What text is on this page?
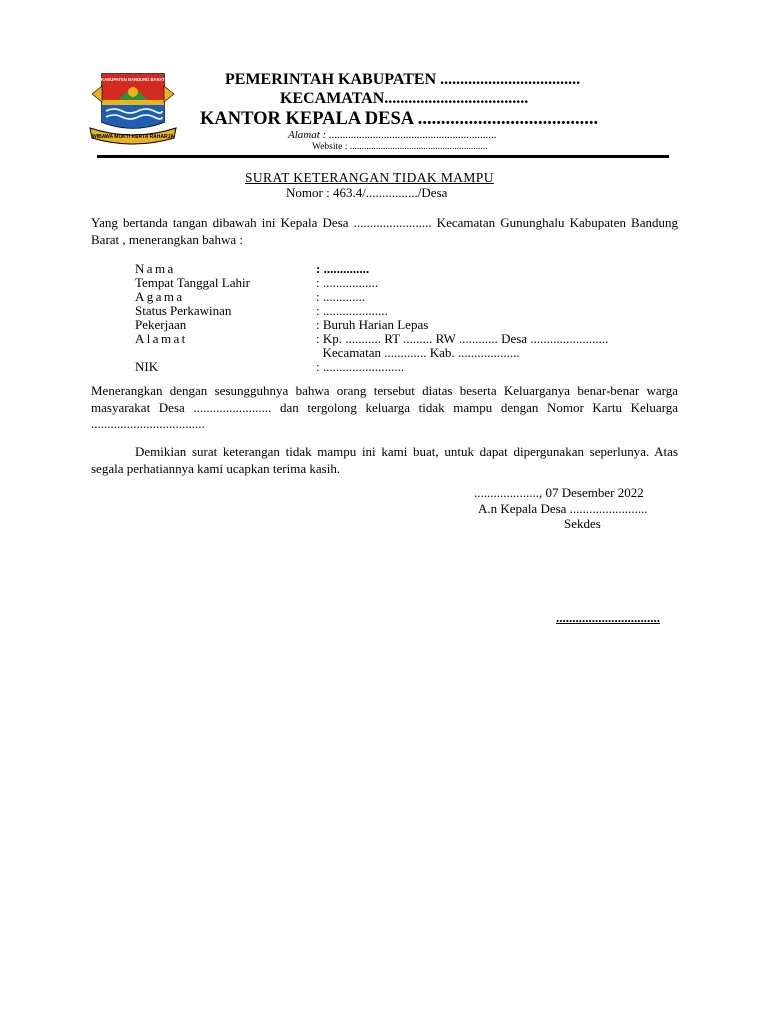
KABUPATEN BANDUNG BARAT
WIBAWA MUKTI KERTA RAHARJA
PEMERINTAH KABUPATEN ...................................
KECAMATAN....................................
KANTOR KEPALA DESA .......................................
Alamat : .............................................................
Website : ..........................................................
SURAT KETERANGAN TIDAK MAMPU
Nomor : 463.4/................/Desa
Yang bertanda tangan dibawah ini Kepala Desa ........................ Kecamatan Gununghalu Kabupaten Bandung Barat , menerangkan bahwa :
Nama	: ..............
Tempat Tanggal Lahir	: .................
Agama	: .............
Status Perkawinan	: ....................
Pekerjaan	: Buruh Harian Lepas
Alamat	: Kp. ........... RT ......... RW ............ Desa ........................
Kecamatan ............. Kab. ...................
NIK	: .........................
Menerangkan dengan sesungguhnya bahwa orang tersebut diatas beserta Keluarganya benar-benar warga masyarakat Desa ........................ dan tergolong keluarga tidak mampu dengan Nomor Kartu Keluarga ...................................
Demikian surat keterangan tidak mampu ini kami buat, untuk dapat dipergunakan seperlunya. Atas segala perhatiannya kami ucapkan terima kasih.
...................., 07 Desember 2022
A.n Kepala Desa ........................
Sekdes
................................
